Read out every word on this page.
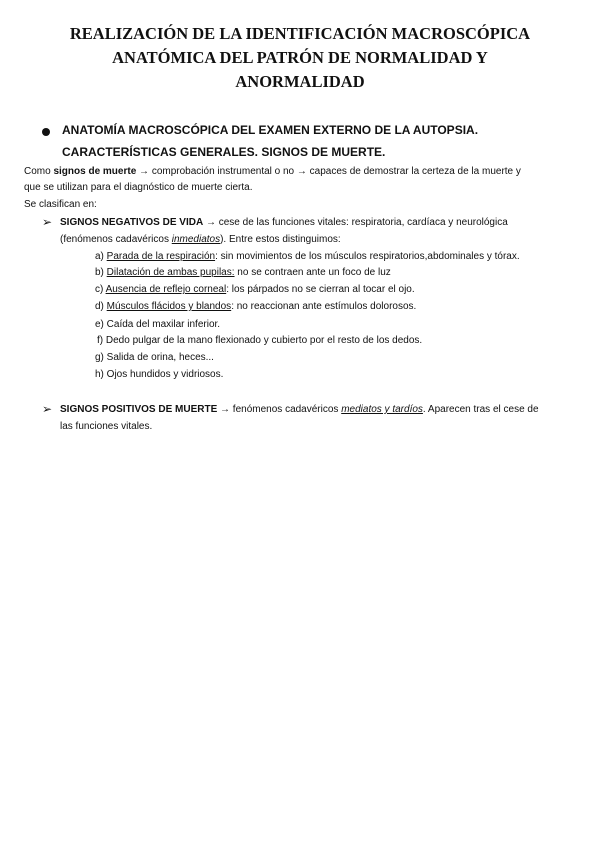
REALIZACIÓN DE LA IDENTIFICACIÓN MACROSCÓPICA
ANATÓMICA DEL PATRÓN DE NORMALIDAD Y
ANORMALIDAD
ANATOMÍA MACROSCÓPICA DEL EXAMEN EXTERNO DE LA AUTOPSIA.
CARACTERÍSTICAS GENERALES. SIGNOS DE MUERTE.
Como signos de muerte → comprobación instrumental o no → capaces de demostrar la certeza de la muerte y
que se utilizan para el diagnóstico de muerte cierta.
Se clasifican en:
➢ SIGNOS NEGATIVOS DE VIDA → cese de las funciones vitales: respiratoria, cardíaca y neurológica
(fenómenos cadavéricos inmediatos). Entre estos distinguimos:
a) Parada de la respiración: sin movimientos de los músculos respiratorios,abdominales y tórax.
b) Dilatación de ambas pupilas: no se contraen ante un foco de luz
c) Ausencia de reflejo corneal: los párpados no se cierran al tocar el ojo.
d) Músculos flácidos y blandos: no reaccionan ante estímulos dolorosos.
e) Caída del maxilar inferior.
f) Dedo pulgar de la mano flexionado y cubierto por el resto de los dedos.
g) Salida de orina, heces...
h) Ojos hundidos y vidriosos.
➢ SIGNOS POSITIVOS DE MUERTE → fenómenos cadavéricos mediatos y tardíos. Aparecen tras el cese de
las funciones vitales.
